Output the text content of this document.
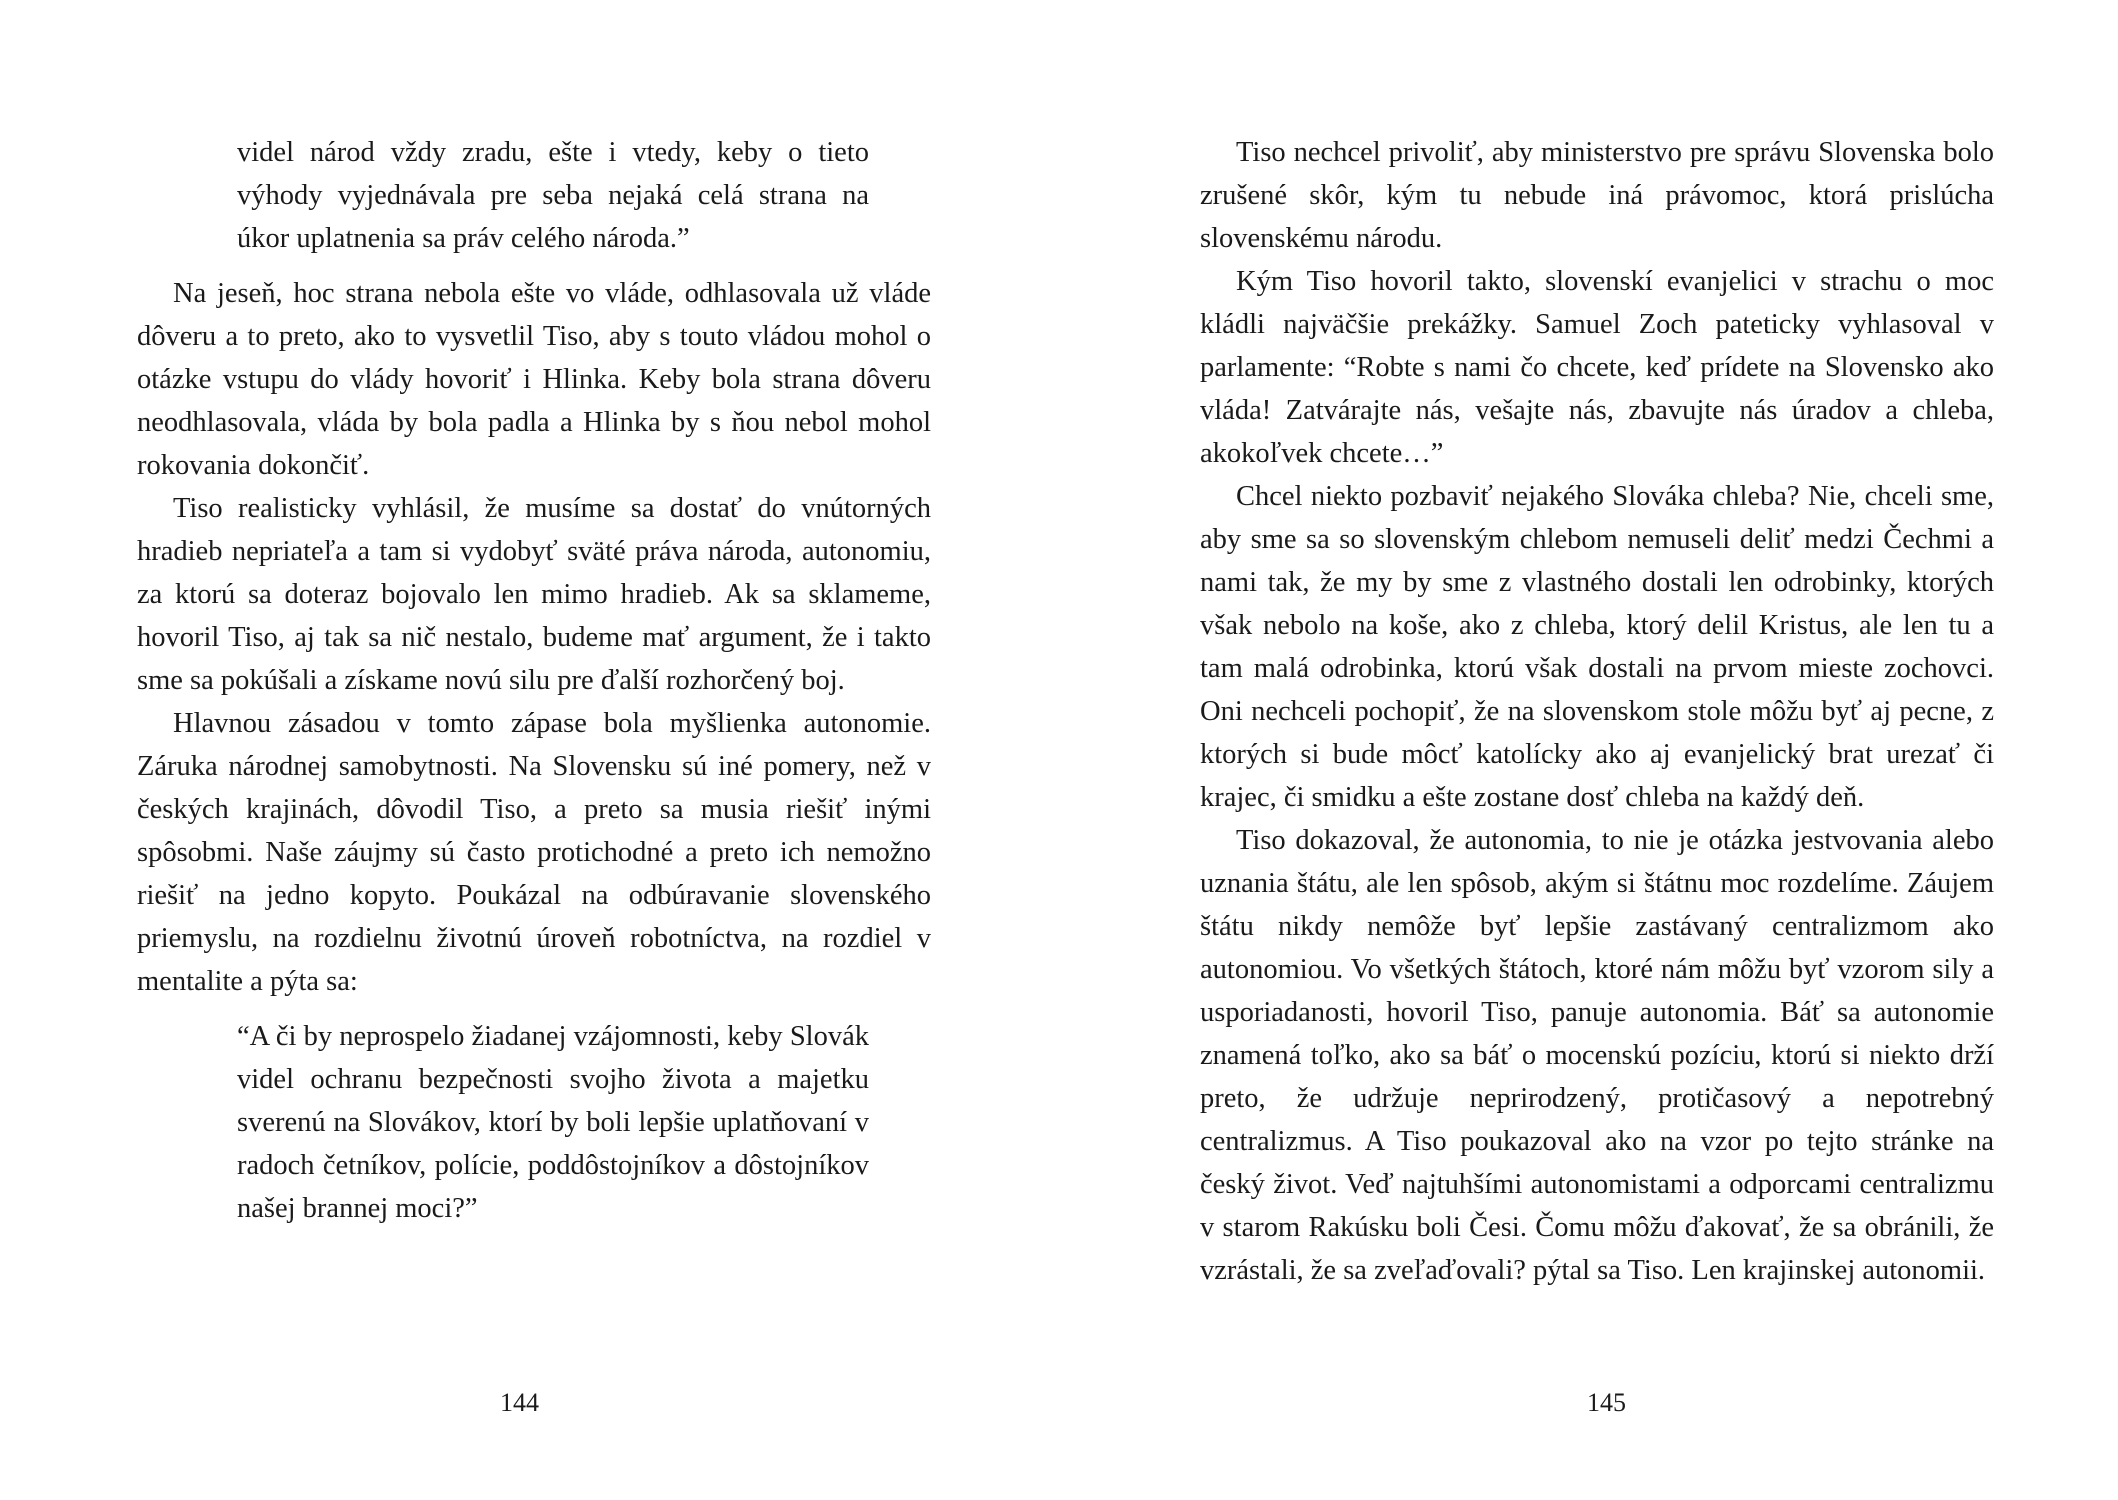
videl národ vždy zradu, ešte i vtedy, keby o tieto výhody vyjednávala pre seba nejaká celá strana na úkor uplatnenia sa práv celého národa.”

Na jeseň, hoc strana nebola ešte vo vláde, odhlasovala už vláde dôveru a to preto, ako to vysvetlil Tiso, aby s touto vládou mohol o otázke vstupu do vlády hovoriť i Hlinka. Keby bola strana dôveru neodhlasovala, vláda by bola padla a Hlinka by s ňou nebol mohol rokovania dokončiť.

Tiso realisticky vyhlásil, že musíme sa dostať do vnútorných hradieb nepriateľa a tam si vydobyť sväté práva národa, autonomiu, za ktorú sa doteraz bojovalo len mimo hradieb. Ak sa sklameme, hovoril Tiso, aj tak sa nič nestalo, budeme mať argument, že i takto sme sa pokúšali a získame novú silu pre ďalší rozhorčený boj.

Hlavnou zásadou v tomto zápase bola myšlienka autonomie. Záruka národnej samobytnosti. Na Slovensku sú iné pomery, než v českých krajinách, dôvodil Tiso, a preto sa musia riešiť inými spôsobmi. Naše záujmy sú často protichodné a preto ich nemožno riešiť na jedno kopyto. Poukázal na odbúravanie slovenského priemyslu, na rozdielnu životnú úroveň robotníctva, na rozdiel v mentalite a pýta sa:

“A či by neprospelo žiadanej vzájomnosti, keby Slovák videl ochranu bezpečnosti svojho života a majetku sverenú na Slovákov, ktorí by boli lepšie uplatňovaní v radoch četníkov, polície, poddôstojníkov a dôstojníkov našej brannej moci?”

144

Tiso nechcel privoliť, aby ministerstvo pre správu Slovenska bolo zrušené skôr, kým tu nebude iná právomoc, ktorá prislúcha slovenskému národu.

Kým Tiso hovoril takto, slovenskí evanjelici v strachu o moc kládli najväčšie prekážky. Samuel Zoch pateticky vyhlasoval v parlamente: “Robte s nami čo chcete, keď prídete na Slovensko ako vláda! Zatvárajte nás, vešajte nás, zbavujte nás úradov a chleba, akokoľvek chcete…”

Chcel niekto pozbaviť nejakého Slováka chleba? Nie, chceli sme, aby sme sa so slovenským chlebom nemuseli deliť medzi Čechmi a nami tak, že my by sme z vlastného dostali len odrobinky, ktorých však nebolo na koše, ako z chleba, ktorý delil Kristus, ale len tu a tam malá odrobinka, ktorú však dostali na prvom mieste zochovci. Oni nechceli pochopiť, že na slovenskom stole môžu byť aj pecne, z ktorých si bude môcť katolícky ako aj evanjelický brat urezať či krajec, či smidku a ešte zostane dosť chleba na každý deň.

Tiso dokazoval, že autonomia, to nie je otázka jestvovania alebo uznania štátu, ale len spôsob, akým si štátnu moc rozdelíme. Záujem štátu nikdy nemôže byť lepšie zastávaný centralizmom ako autonomiou. Vo všetkých štátoch, ktoré nám môžu byť vzorom sily a usporiadanosti, hovoril Tiso, panuje autonomia. Báť sa autonomie znamená toľko, ako sa báť o mocenskú pozíciu, ktorú si niekto drží preto, že udržuje neprirodzený, protičasový a nepotrebný centralizmus. A Tiso poukazoval ako na vzor po tejto stránke na český život. Veď najtuhšími autonomistami a odporcami centralizmu v starom Rakúsku boli Česi. Čomu môžu ďakovať, že sa obránili, že vzrástali, že sa zveľaďovali? pýtal sa Tiso. Len krajinskej autonomii.

145
